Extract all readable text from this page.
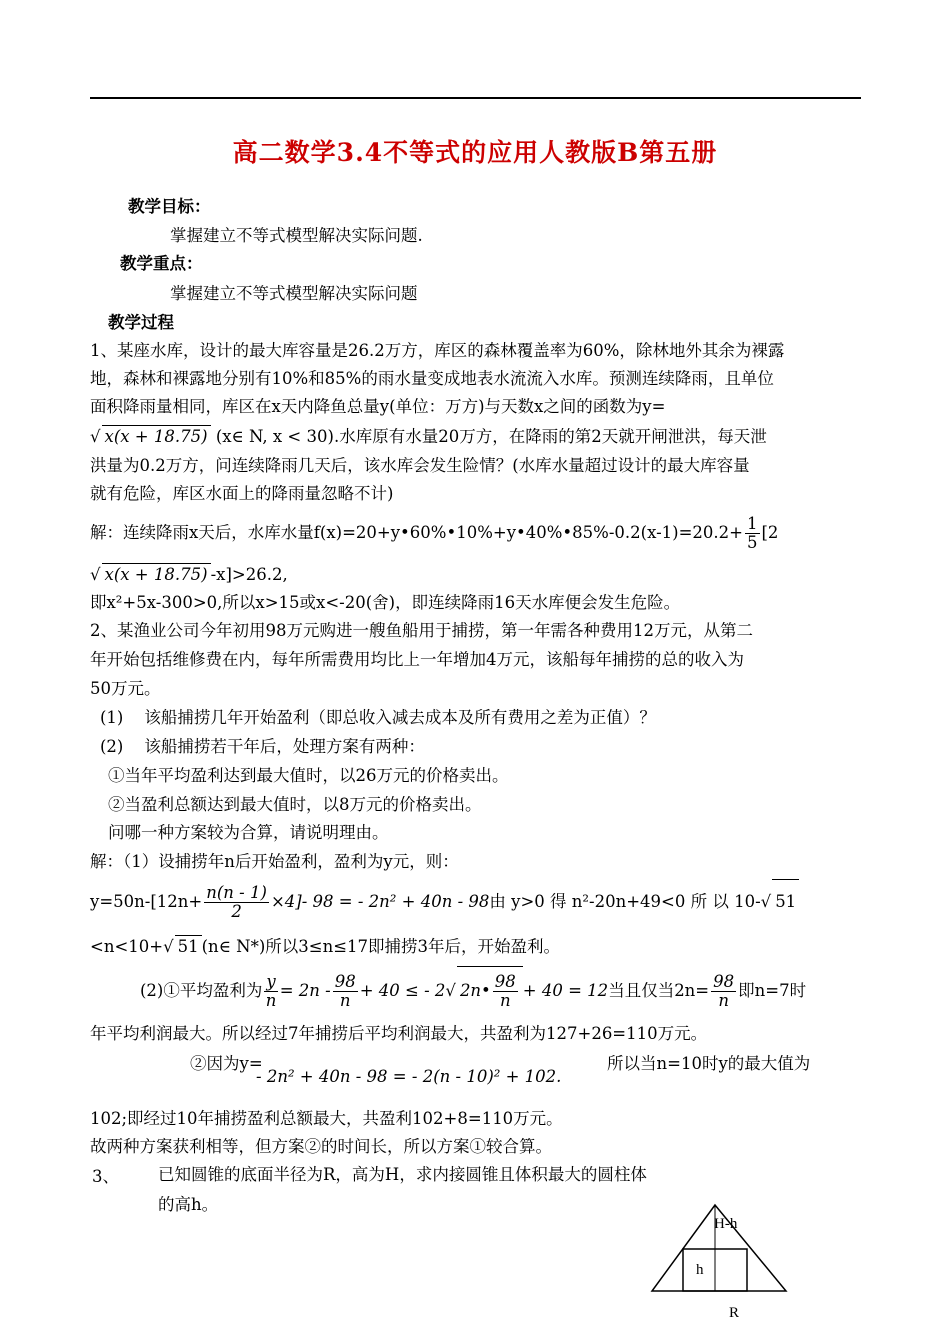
高二数学3.4不等式的应用人教版B第五册
教学目标：
掌握建立不等式模型解决实际问题.
教学重点：
掌握建立不等式模型解决实际问题
教学过程
1、某座水库，设计的最大库容量是26.2万方，库区的森林覆盖率为60%，除林地外其余为裸露
地，森林和裸露地分别有10%和85%的雨水量变成地表水流流入水库。预测连续降雨，且单位
面积降雨量相同，库区在x天内降鱼总量y(单位：万方)与天数x之间的函数为y=
√ x(x + 18.75) (x∈ N, x < 30).水库原有水量20万方，在降雨的第2天就开闸泄洪，每天泄
洪量为0.2万方，问连续降雨几天后，该水库会发生险情？(水库水量超过设计的最大库容量
就有危险，库区水面上的降雨量忽略不计)
解：连续降雨x天后，水库水量f(x)=20+y•60%•10%+y•40%•85%-0.2(x-1)=20.2+ $\frac{1}{5} [2$
√ x(x + 18.75) -x]>26.2,
即x²+5x-300>0,所以x>15或x<-20(舍)，即连续降雨16天水库便会发生危险。
2、某渔业公司今年初用98万元购进一艘鱼船用于捕捞，第一年需各种费用12万元，从第二
年开始包括维修费在内，每年所需费用均比上一年增加4万元，该船每年捕捞的总的收入为
50万元。
(1)    该船捕捞几年开始盈利（即总收入减去成本及所有费用之差为正值）？
(2)    该船捕捞若干年后，处理方案有两种：
①当年平均盈利达到最大值时，以26万元的价格卖出。
②当盈利总额达到最大值时，以8万元的价格卖出。
问哪一种方案较为合算，请说明理由。
解：（1）设捕捞年n后开始盈利，盈利为y元，则：
$y=50n-[12n+ \frac{n(n - 1)}{2} \times 4]-$ 98 = - 2n² + 40n - 98由 y>0 得 n²-20n+49<0 所 以 10-√ 51
<n<10+√ 51 (n∈ N*)所以3≤n≤17即捕捞3年后，开始盈利。
(2)①平均盈利为 $\frac{y}{n} = 2n - \frac{98}{n} + 40$ ≤ - 2√ 2n• $\frac{98}{n} + 40 = 12$当且仅当$2n= \frac{98}{n}$ 即n=7时
年平均利润最大。所以经过7年捕捞后平均利润最大，共盈利为127+26=110万元。
②因为y=	所以当n=10时y的最大值为
- 2n² + 40n - 98 = - 2(n - 10)² + 102.
102;即经过10年捕捞盈利总额最大，共盈利102+8=110万元。
故两种方案获利相等，但方案②的时间长，所以方案①较合算。
3、 已知圆锥的底面半径为R，高为H，求内接圆锥且体积最大的圆柱体
的高h。
H-h
h
R
